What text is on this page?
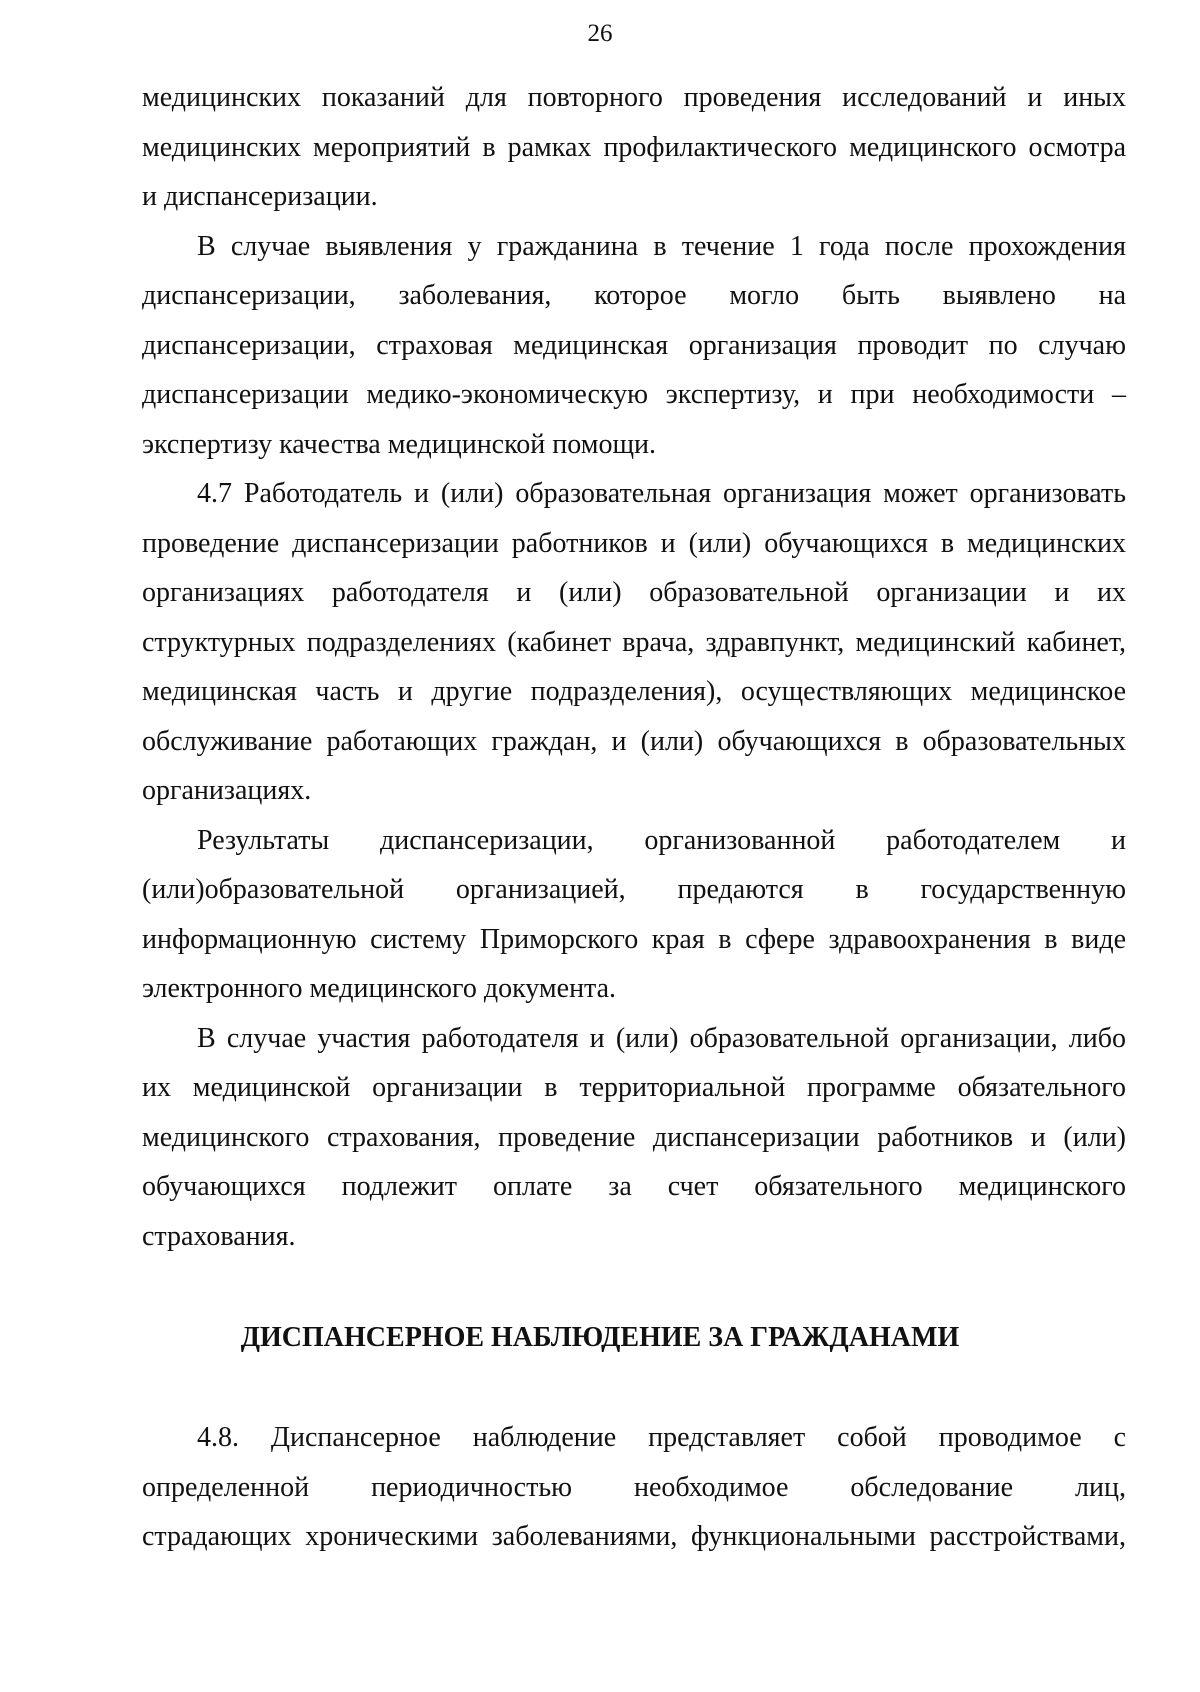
26
медицинских показаний для повторного проведения исследований и иных
медицинских мероприятий в рамках профилактического медицинского осмотра
и диспансеризации.
В случае выявления у гражданина в течение 1 года после прохождения
диспансеризации, заболевания, которое могло быть выявлено на
диспансеризации, страховая медицинская организация проводит по случаю
диспансеризации медико-экономическую экспертизу, и при необходимости –
экспертизу качества медицинской помощи.
4.7 Работодатель и (или) образовательная организация может организовать
проведение диспансеризации работников и (или) обучающихся в медицинских
организациях работодателя и (или) образовательной организации и их
структурных подразделениях (кабинет врача, здравпункт, медицинский кабинет,
медицинская часть и другие подразделения), осуществляющих медицинское
обслуживание работающих граждан, и (или) обучающихся в образовательных
организациях.
Результаты диспансеризации, организованной работодателем и
(или)образовательной организацией, предаются в государственную
информационную систему Приморского края в сфере здравоохранения в виде
электронного медицинского документа.
В случае участия работодателя и (или) образовательной организации, либо
их медицинской организации в территориальной программе обязательного
медицинского страхования, проведение диспансеризации работников и (или)
обучающихся подлежит оплате за счет обязательного медицинского
страхования.
ДИСПАНСЕРНОЕ НАБЛЮДЕНИЕ ЗА ГРАЖДАНАМИ
4.8. Диспансерное наблюдение представляет собой проводимое с
определенной периодичностью необходимое обследование лиц,
страдающих хроническими заболеваниями, функциональными расстройствами,
